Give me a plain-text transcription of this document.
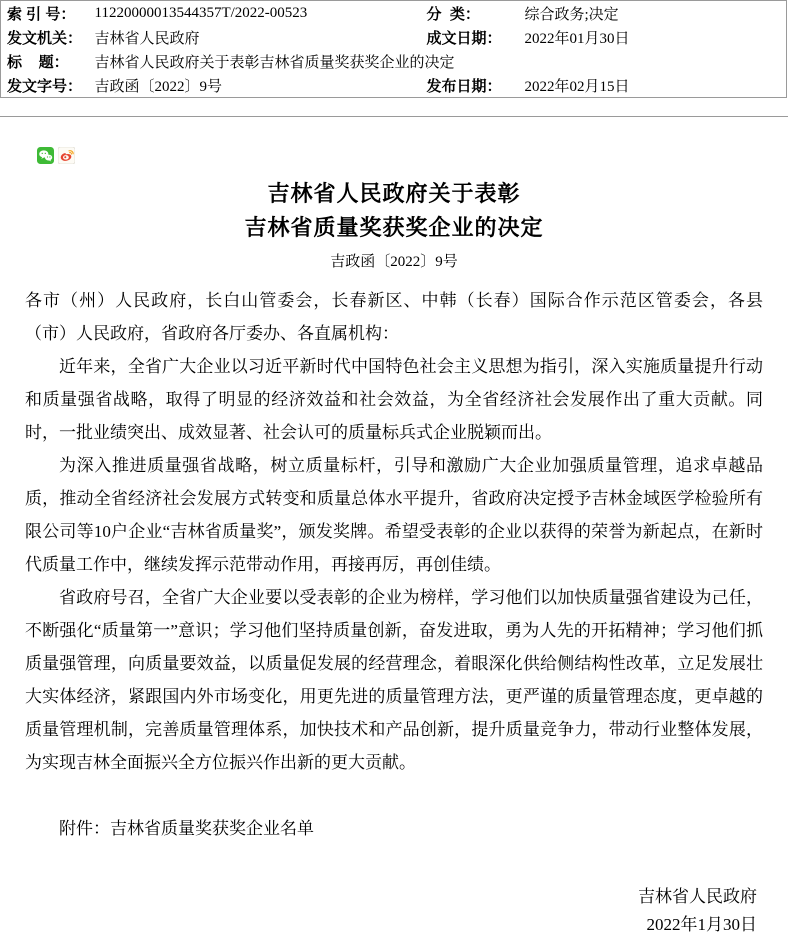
索 引 号：	11220000013544357T/2022-00523	分  类：	综合政务;决定
发文机关：	吉林省人民政府	成文日期：	2022年01月30日
标    题：	吉林省人民政府关于表彰吉林省质量奖获奖企业的决定		
发文字号：	吉政函〔2022〕9号	发布日期：	2022年02月15日
吉林省人民政府关于表彰
吉林省质量奖获奖企业的决定
吉政函〔2022〕9号

各市（州）人民政府，长白山管委会，长春新区、中韩（长春）国际合作示范区管委会，各县（市）人民政府，省政府各厅委办、各直属机构：

近年来，全省广大企业以习近平新时代中国特色社会主义思想为指引，深入实施质量提升行动和质量强省战略，取得了明显的经济效益和社会效益，为全省经济社会发展作出了重大贡献。同时，一批业绩突出、成效显著、社会认可的质量标兵式企业脱颖而出。

为深入推进质量强省战略，树立质量标杆，引导和激励广大企业加强质量管理，追求卓越品质，推动全省经济社会发展方式转变和质量总体水平提升，省政府决定授予吉林金域医学检验所有限公司等10户企业“吉林省质量奖”，颁发奖牌。希望受表彰的企业以获得的荣誉为新起点，在新时代质量工作中，继续发挥示范带动作用，再接再厉，再创佳绩。

省政府号召，全省广大企业要以受表彰的企业为榜样，学习他们以加快质量强省建设为己任，不断强化“质量第一”意识；学习他们坚持质量创新，奋发进取，勇为人先的开拓精神；学习他们抓质量强管理，向质量要效益，以质量促发展的经营理念，着眼深化供给侧结构性改革，立足发展壮大实体经济，紧跟国内外市场变化，用更先进的质量管理方法，更严谨的质量管理态度，更卓越的质量管理机制，完善质量管理体系，加快技术和产品创新，提升质量竞争力，带动行业整体发展，为实现吉林全面振兴全方位振兴作出新的更大贡献。

附件：吉林省质量奖获奖企业名单
吉林省人民政府
2022年1月30日
